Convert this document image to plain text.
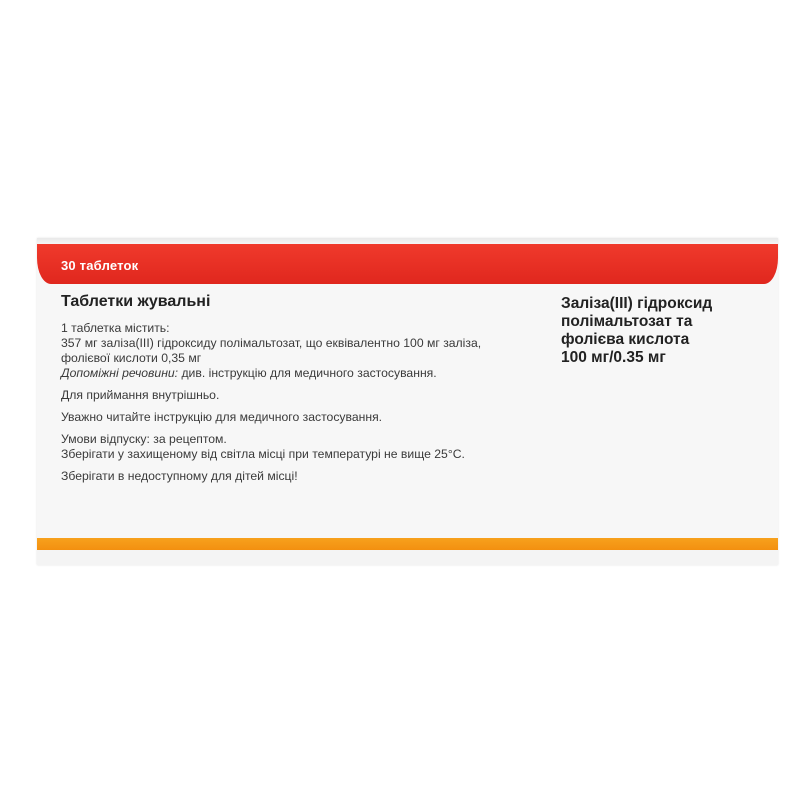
30 таблеток
Таблетки жувальні

1 таблетка містить:

357 мг заліза(III) гідроксиду полімальтозат, що еквівалентно 100 мг заліза,

фолієвої кислоти 0,35 мг

Допоміжні речовини: див. інструкцію для медичного застосування.

Для приймання внутрішньо.

Уважно читайте інструкцію для медичного застосування.

Умови відпуску: за рецептом.

Зберігати у захищеному від світла місці при температурі не вище 25°С.

Зберігати в недоступному для дітей місці!

Заліза(III) гідроксид
полімальтозат та
фолієва кислота
100 мг/0.35 мг
